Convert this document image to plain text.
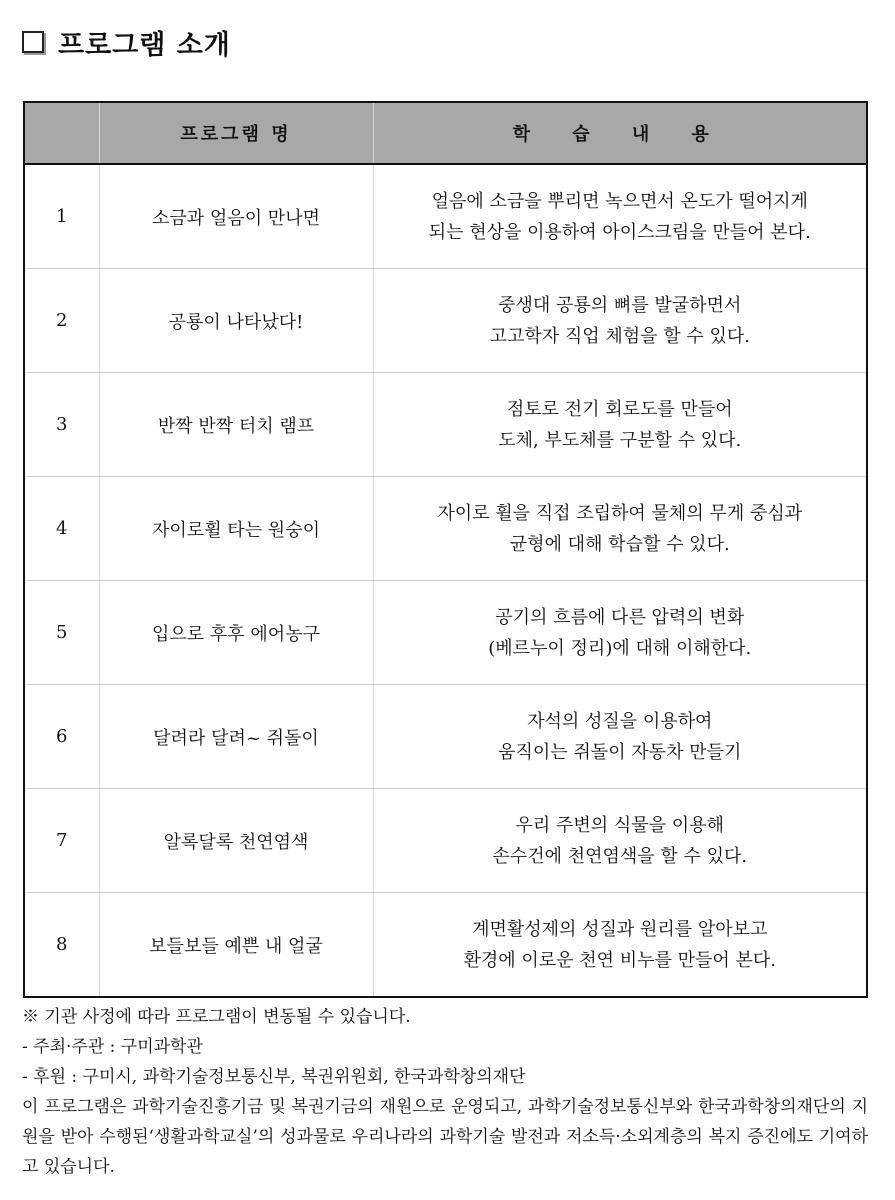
프로그램 소개
	프로그램 명	학 습 내 용
1	소금과 얼음이 만나면	얼음에 소금을 뿌리면 녹으면서 온도가 떨어지게
되는 현상을 이용하여 아이스크림을 만들어 본다.

2	공룡이 나타났다!	중생대 공룡의 뼈를 발굴하면서
고고학자 직업 체험을 할 수 있다.

3	반짝 반짝 터치 램프	점토로 전기 회로도를 만들어
도체, 부도체를 구분할 수 있다.

4	자이로휠 타는 원숭이	자이로 휠을 직접 조립하여 물체의 무게 중심과
균형에 대해 학습할 수 있다.

5	입으로 후후 에어농구	공기의 흐름에 다른 압력의 변화
(베르누이 정리)에 대해 이해한다.

6	달려라 달려~ 쥐돌이	자석의 성질을 이용하여
움직이는 쥐돌이 자동차 만들기

7	알록달록 천연염색	우리 주변의 식물을 이용해
손수건에 천연염색을 할 수 있다.

8	보들보들 예쁜 내 얼굴	계면활성제의 성질과 원리를 알아보고
환경에 이로운 천연 비누를 만들어 본다.

※ 기관 사정에 따라 프로그램이 변동될 수 있습니다.

- 주최·주관 : 구미과학관

- 후원 : 구미시, 과학기술정보통신부, 복권위원회, 한국과학창의재단

이 프로그램은 과학기술진흥기금 및 복권기금의 재원으로 운영되고, 과학기술정보통신부와 한국과학창의재단의 지원을 받아 수행된‘생활과학교실’의 성과물로 우리나라의 과학기술 발전과 저소득·소외계층의 복지 증진에도 기여하고 있습니다.
